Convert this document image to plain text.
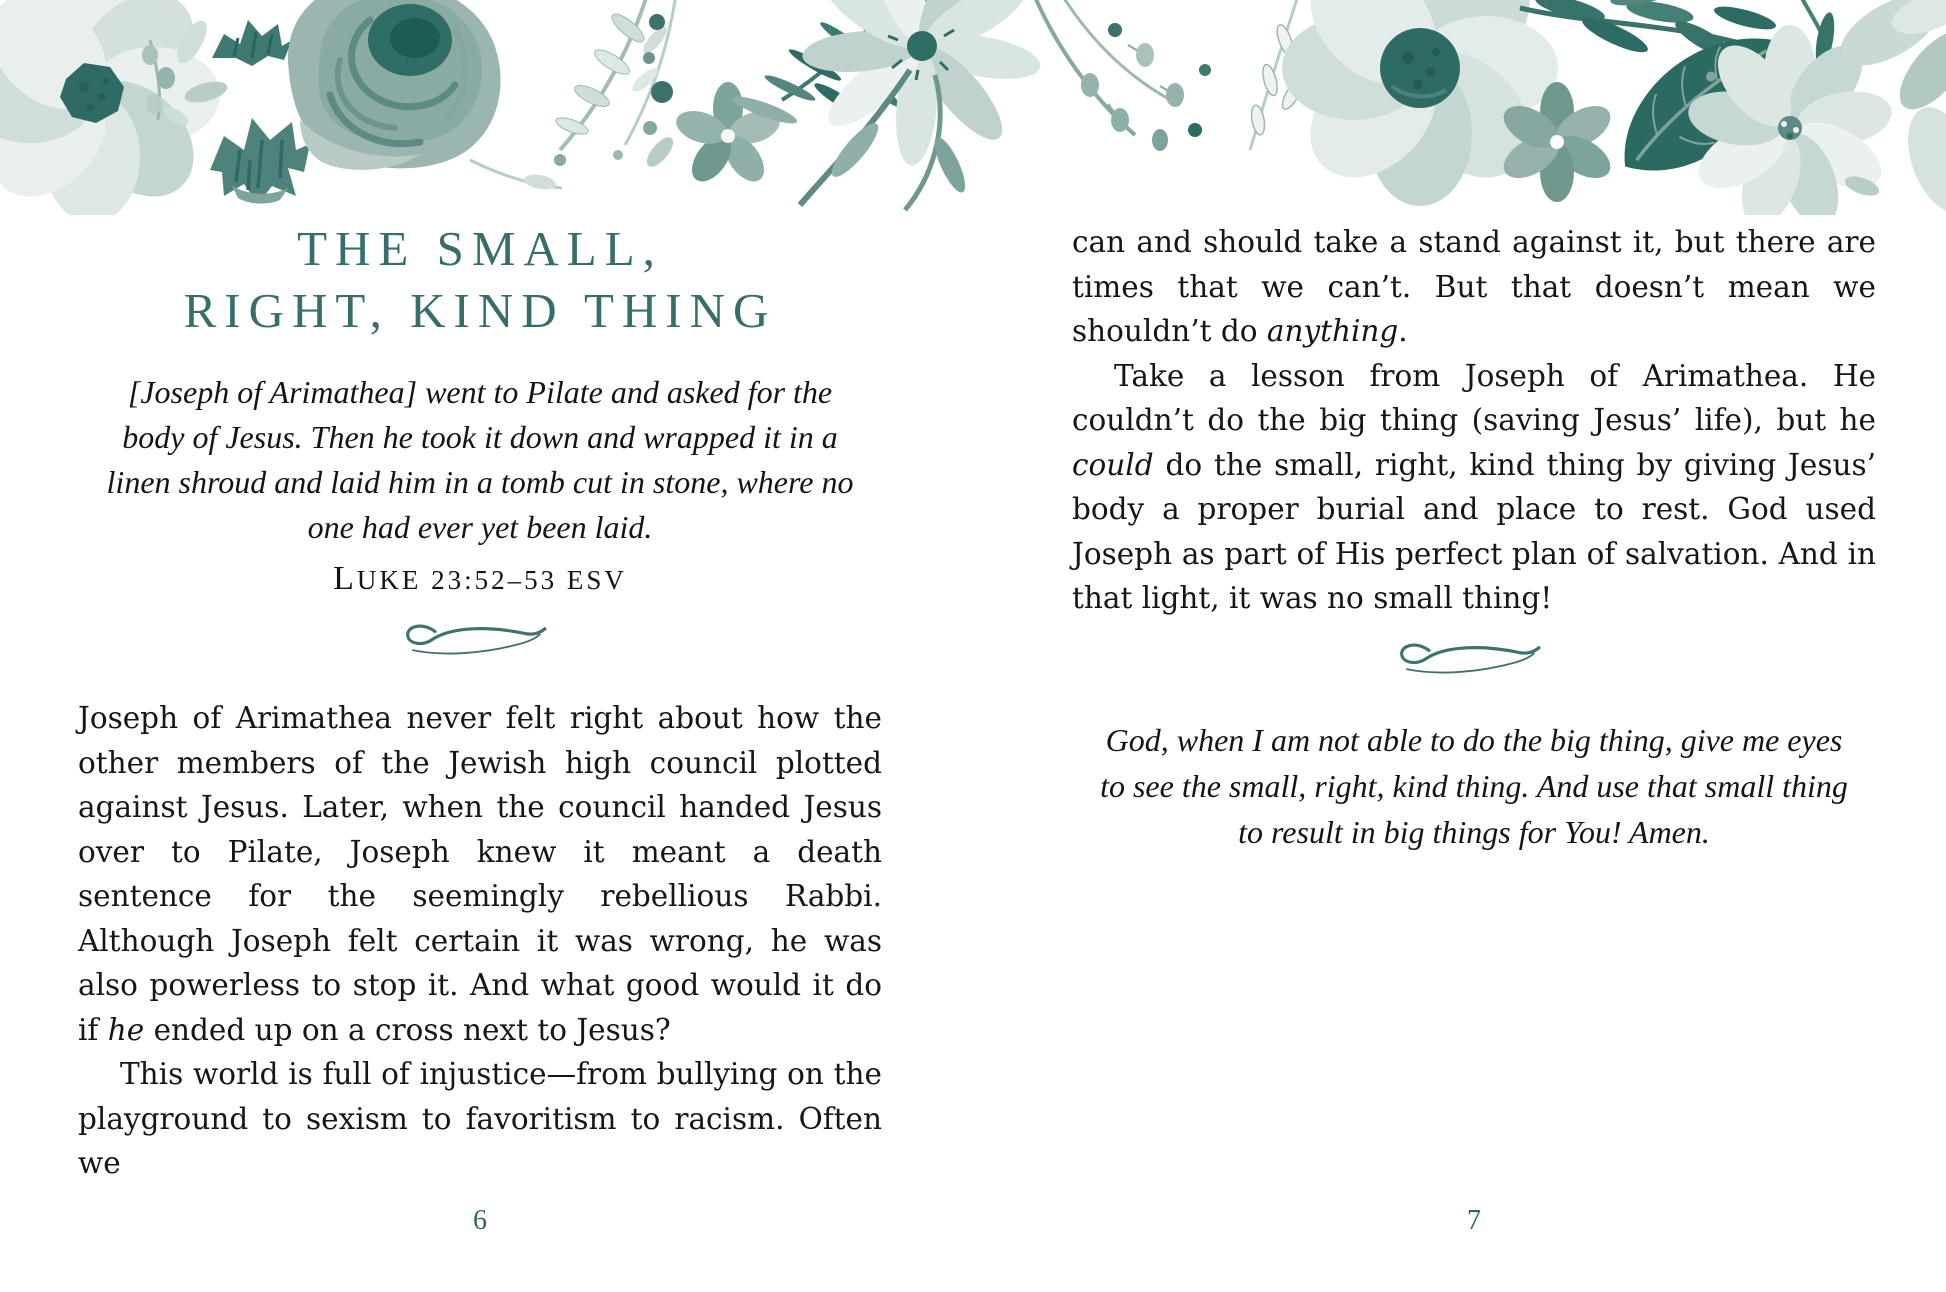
THE SMALL,
RIGHT, KIND THING
[Joseph of Arimathea] went to Pilate and asked for the body of Jesus. Then he took it down and wrapped it in a linen shroud and laid him in a tomb cut in stone, where no one had ever yet been laid.
LUKE 23:52–53 ESV

Joseph of Arimathea never felt right about how the other members of the Jewish high council plotted against Jesus. Later, when the council handed Jesus over to Pilate, Joseph knew it meant a death sentence for the seemingly rebellious Rabbi. Although Joseph felt certain it was wrong, he was also powerless to stop it. And what good would it do if he ended up on a cross next to Jesus?

This world is full of injustice—from bullying on the playground to sexism to favoritism to racism. Often we

6

can and should take a stand against it, but there are times that we can’t. But that doesn’t mean we shouldn’t do anything.

Take a lesson from Joseph of Arimathea. He couldn’t do the big thing (saving Jesus’ life), but he could do the small, right, kind thing by giving Jesus’ body a proper burial and place to rest. God used Joseph as part of His perfect plan of salvation. And in that light, it was no small thing!

God, when I am not able to do the big thing, give me eyes to see the small, right, kind thing. And use that small thing to result in big things for You! Amen.
7
